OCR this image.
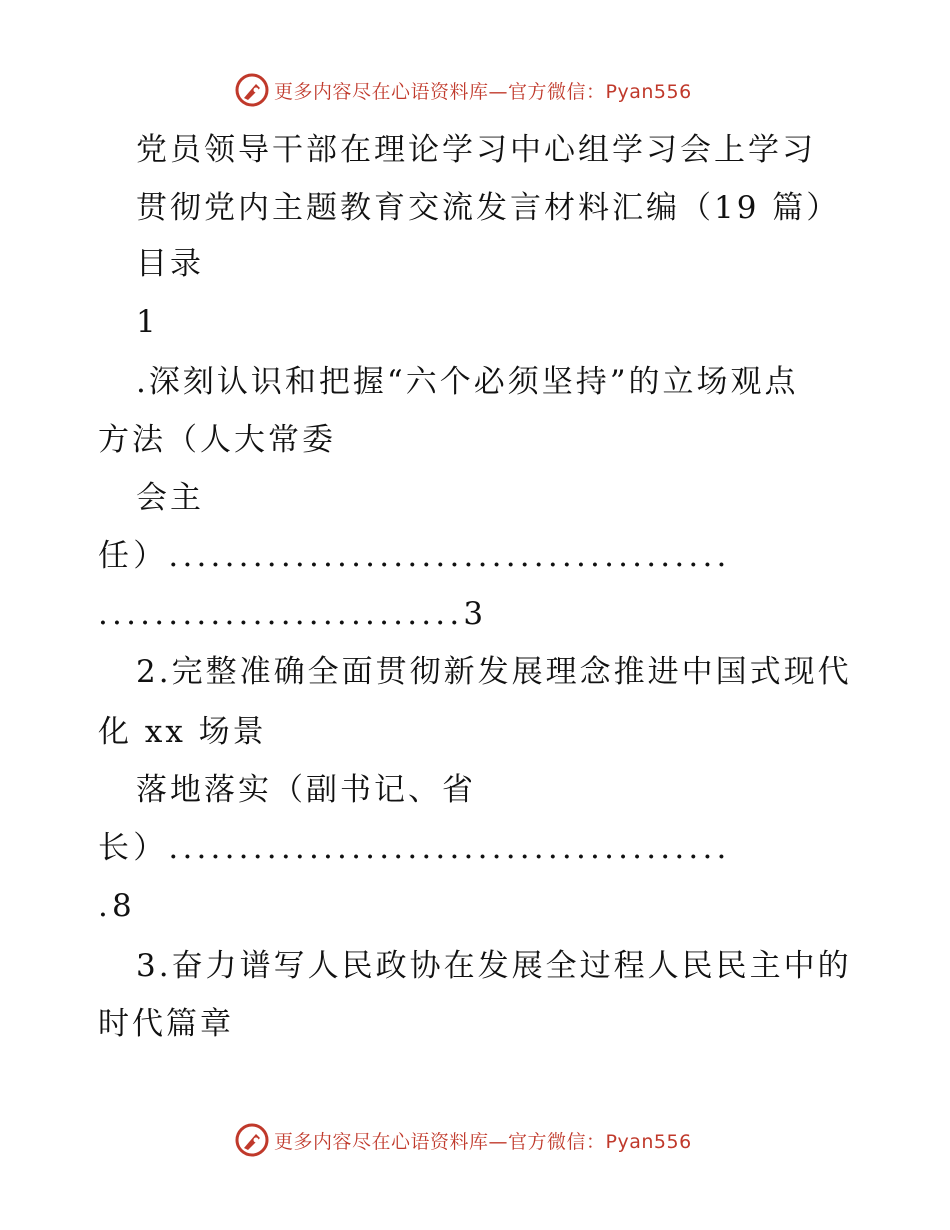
更多内容尽在心语资料库—官方微信：Pyan556
党员领导干部在理论学习中心组学习会上学习
贯彻党内主题教育交流发言材料汇编（19 篇）
目录
1
.深刻认识和把握“六个必须坚持”的立场观点
方法（人大常委
会主
任）........................................
..........................3
2.完整准确全面贯彻新发展理念推进中国式现代
化 xx 场景
落地落实（副书记、省
长）........................................
.8
3.奋力谱写人民政协在发展全过程人民民主中的
时代篇章
更多内容尽在心语资料库—官方微信：Pyan556
